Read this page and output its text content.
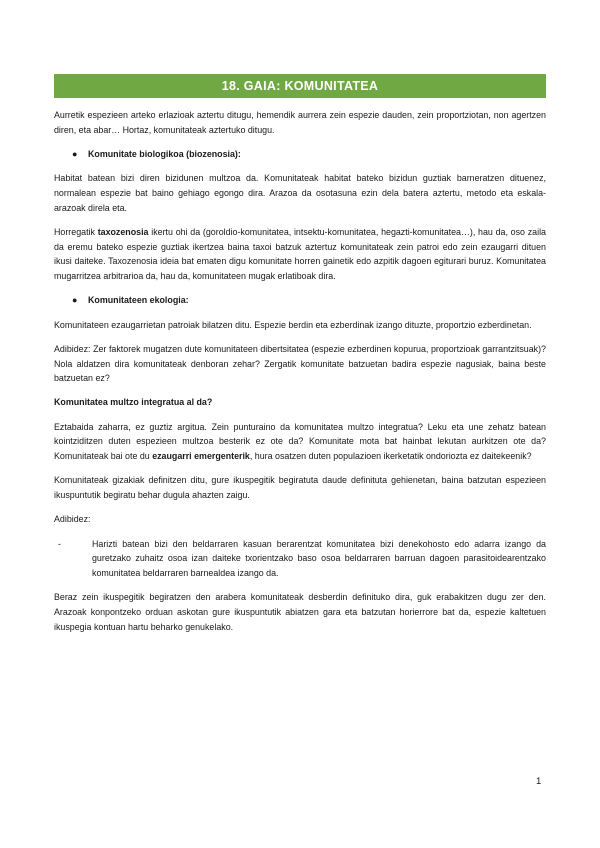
18. GAIA: KOMUNITATEA

Aurretik espezieen arteko erlazioak aztertu ditugu, hemendik aurrera zein espezie dauden, zein proportziotan, non agertzen diren, eta abar… Hortaz, komunitateak aztertuko ditugu.

●	Komunitate biologikoa (biozenosia):

Habitat batean bizi diren bizidunen multzoa da. Komunitateak habitat bateko bizidun guztiak barneratzen dituenez, normalean espezie bat baino gehiago egongo dira. Arazoa da osotasuna ezin dela batera aztertu, metodo eta eskala-arazoak direla eta.

Horregatik taxozenosia ikertu ohi da (goroldio-komunitatea, intsektu-komunitatea, hegazti-komunitatea…), hau da, oso zaila da eremu bateko espezie guztiak ikertzea baina taxoi batzuk aztertuz komunitateak zein patroi edo zein ezaugarri dituen ikusi daiteke. Taxozenosia ideia bat ematen digu komunitate horren gainetik edo azpitik dagoen egiturari buruz. Komunitatea mugarritzea arbitrarioa da, hau da, komunitateen mugak erlatiboak dira.

●	Komunitateen ekologia:

Komunitateen ezaugarrietan patroiak bilatzen ditu. Espezie berdin eta ezberdinak izango dituzte, proportzio ezberdinetan.

Adibidez: Zer faktorek mugatzen dute komunitateen dibertsitatea (espezie ezberdinen kopurua, proportzioak garrantzitsuak)? Nola aldatzen dira komunitateak denboran zehar? Zergatik komunitate batzuetan badira espezie nagusiak, baina beste batzuetan ez?

Komunitatea multzo integratua al da?

Eztabaida zaharra, ez guztiz argitua. Zein punturaino da komunitatea multzo integratua? Leku eta une zehatz batean kointziditzen duten espezieen multzoa besterik ez ote da? Komunitate mota bat hainbat lekutan aurkitzen ote da? Komunitateak bai ote du ezaugarri emergenterik, hura osatzen duten populazioen ikerketatik ondorioztа ez daitekeenik?

Komunitateak gizakiak definitzen ditu, gure ikuspegitik begiratuta daude definituta gehienetan, baina batzutan espezieen ikuspuntutik begiratu behar dugula ahazten zaigu.

Adibidez:

-	Harizti batean bizi den beldarraren kasuan berarentzat komunitatea bizi denekohosto edo adarra izango da guretzako zuhaitz osoa izan daiteke txorientzako baso osoa beldarraren barruan dagoen parasitoidearentzako komunitatea beldarraren barnealdea izango da.

Beraz zein ikuspegitik begiratzen den arabera komunitateak desberdin definituko dira, guk erabakitzen dugu zer den. Arazoak konpontzeko orduan askotan gure ikuspuntutik abiatzen gara eta batzutan horierrore bat da, espezie kaltetuen ikuspegia kontuan hartu beharko genukelako.

1
